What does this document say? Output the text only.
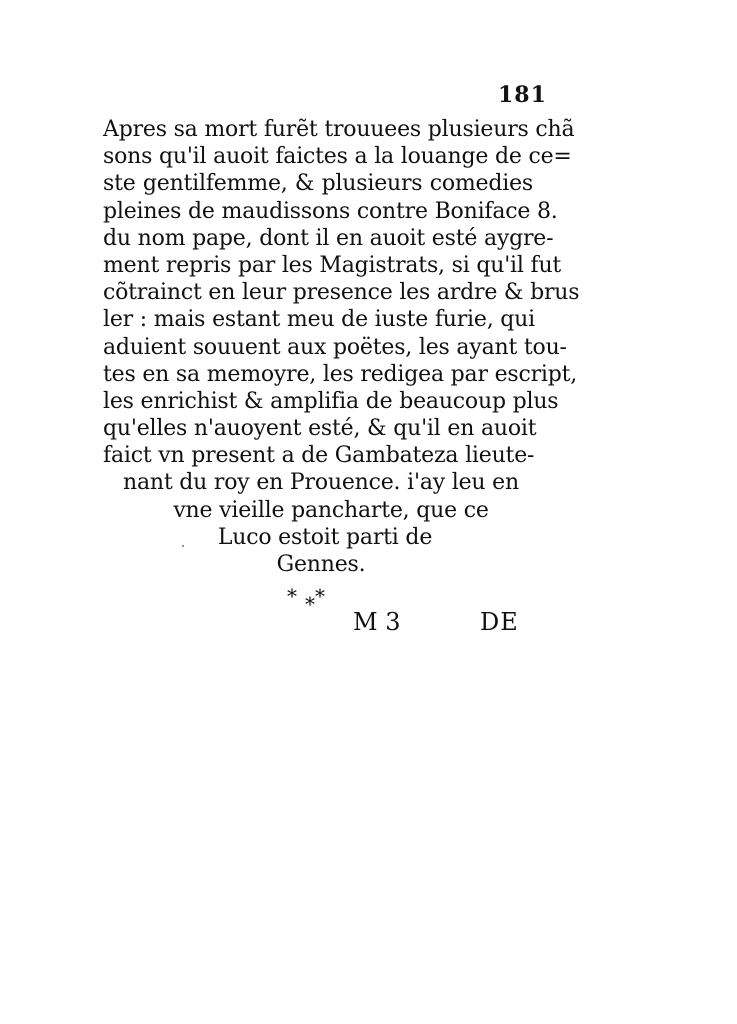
181
Apres sa mort furẽt trouuees plusieurs chã
sons qu'il auoit faictes a la louange de ce=
ste gentilfemme, & plusieurs comedies
pleines de maudissons contre Boniface 8.
du nom pape, dont il en auoit esté aygre-
ment repris par les Magistrats, si qu'il fut
cõtrainct en leur presence les ardre & brus
ler : mais estant meu de iuste furie, qui
aduient souuent aux poëtes, les ayant tou-
tes en sa memoyre, les redigea par escript,
les enrichist & amplifia de beaucoup plus
qu'elles n'auoyent esté, & qu'il en auoit
faict vn present a de Gambateza lieute-
nant du roy en Prouence. i'ay leu en
vne vieille pancharte, que ce
Luco estoit parti de
Gennes.
* * *
M 3	DE
